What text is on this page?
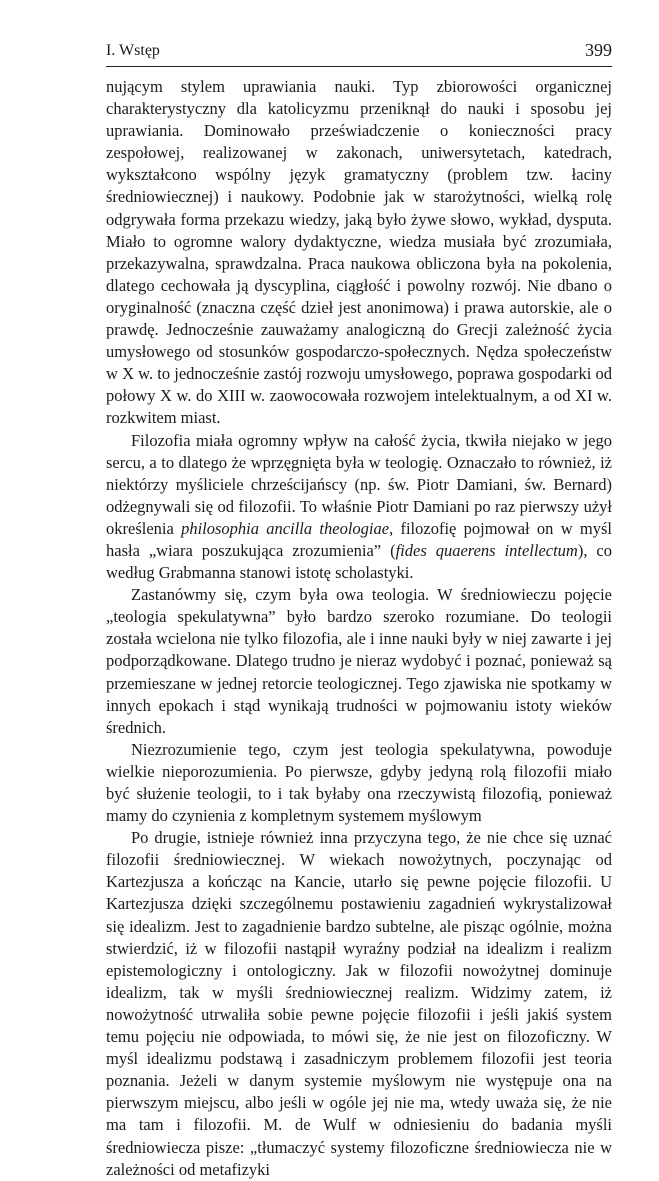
I. Wstęp	399

nującym stylem uprawiania nauki. Typ zbiorowości organicznej charakterystyczny dla katolicyzmu przeniknął do nauki i sposobu jej uprawiania. Dominowało przeświadczenie o konieczności pracy zespołowej, realizowanej w zakonach, uniwersytetach, katedrach, wykształcono wspólny język gramatyczny (problem tzw. łaciny średniowiecznej) i naukowy. Podobnie jak w starożytności, wielką rolę odgrywała forma przekazu wiedzy, jaką było żywe słowo, wykład, dysputa. Miało to ogromne walory dydaktyczne, wiedza musiała być zrozumiała, przekazywalna, sprawdzalna. Praca naukowa obliczona była na pokolenia, dlatego cechowała ją dyscyplina, ciągłość i powolny rozwój. Nie dbano o oryginalność (znaczna część dzieł jest anonimowa) i prawa autorskie, ale o prawdę. Jednocześnie zauważamy analogiczną do Grecji zależność życia umysłowego od stosunków gospodarczo-społecznych. Nędza społeczeństw w X w. to jednocześnie zastój rozwoju umysłowego, poprawa gospodarki od połowy X w. do XIII w. zaowocowała rozwojem intelektualnym, a od XI w. rozkwitem miast.

Filozofia miała ogromny wpływ na całość życia, tkwiła niejako w jego sercu, a to dlatego że wprzęgnięta była w teologię. Oznaczało to również, iż niektórzy myśliciele chrześcijańscy (np. św. Piotr Damiani, św. Bernard) odżegnywali się od filozofii. To właśnie Piotr Damiani po raz pierwszy użył określenia philosophia ancilla theologiae, filozofię pojmował on w myśl hasła „wiara poszukująca zrozumienia” (fides quaerens intellectum), co według Grabmanna stanowi istotę scholastyki.

Zastanówmy się, czym była owa teologia. W średniowieczu pojęcie „teologia spekulatywna” było bardzo szeroko rozumiane. Do teologii została wcielona nie tylko filozofia, ale i inne nauki były w niej zawarte i jej podporządkowane. Dlatego trudno je nieraz wydobyć i poznać, ponieważ są przemieszane w jednej retorcie teologicznej. Tego zjawiska nie spotkamy w innych epokach i stąd wynikają trudności w pojmowaniu istoty wieków średnich.

Niezrozumienie tego, czym jest teologia spekulatywna, powoduje wielkie nieporozumienia. Po pierwsze, gdyby jedyną rolą filozofii miało być służenie teologii, to i tak byłaby ona rzeczywistą filozofią, ponieważ mamy do czynienia z kompletnym systemem myślowym

Po drugie, istnieje również inna przyczyna tego, że nie chce się uznać filozofii średniowiecznej. W wiekach nowożytnych, poczynając od Kartezjusza a kończąc na Kancie, utarło się pewne pojęcie filozofii. U Kartezjusza dzięki szczególnemu postawieniu zagadnień wykrystalizował się idealizm. Jest to zagadnienie bardzo subtelne, ale pisząc ogólnie, można stwierdzić, iż w filozofii nastąpił wyraźny podział na idealizm i realizm epistemologiczny i ontologiczny. Jak w filozofii nowożytnej dominuje idealizm, tak w myśli średniowiecznej realizm. Widzimy zatem, iż nowożytność utrwaliła sobie pewne pojęcie filozofii i jeśli jakiś system temu pojęciu nie odpowiada, to mówi się, że nie jest on filozoficzny. W myśl idealizmu podstawą i zasadniczym problemem filozofii jest teoria poznania. Jeżeli w danym systemie myślowym nie występuje ona na pierwszym miejscu, albo jeśli w ogóle jej nie ma, wtedy uważa się, że nie ma tam i filozofii. M. de Wulf w odniesieniu do badania myśli średniowiecza pisze: „tłumaczyć systemy filozoficzne średniowiecza nie w zależności od metafizyki
